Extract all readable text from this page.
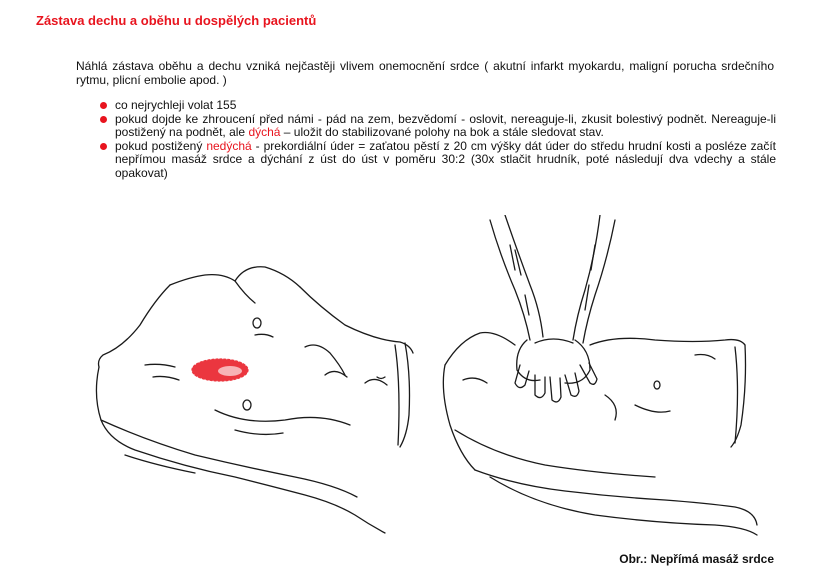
Zástava dechu a oběhu u dospělých pacientů

Náhlá zástava oběhu a dechu vzniká nejčastěji vlivem onemocnění srdce ( akutní infarkt myokardu, maligní porucha srdečního rytmu, plicní embolie apod. )

co nejrychleji volat 155
pokud dojde ke zhroucení před námi - pád na zem, bezvědomí - oslovit, nereaguje-li, zkusit bolestivý podnět. Nereaguje-li postižený na podnět, ale dýchá – uložit do stabilizované polohy na bok a stále sledovat stav.
pokud postižený nedýchá - prekordiální úder = zaťatou pěstí z 20 cm výšky dát úder do středu hrudní kosti a posléze začít nepřímou masáž srdce a dýchání z úst do úst v poměru 30:2 (30x stlačit hrudník, poté následují dva vdechy a stále opakovat)

Obr.: Nepřímá masáž srdce
